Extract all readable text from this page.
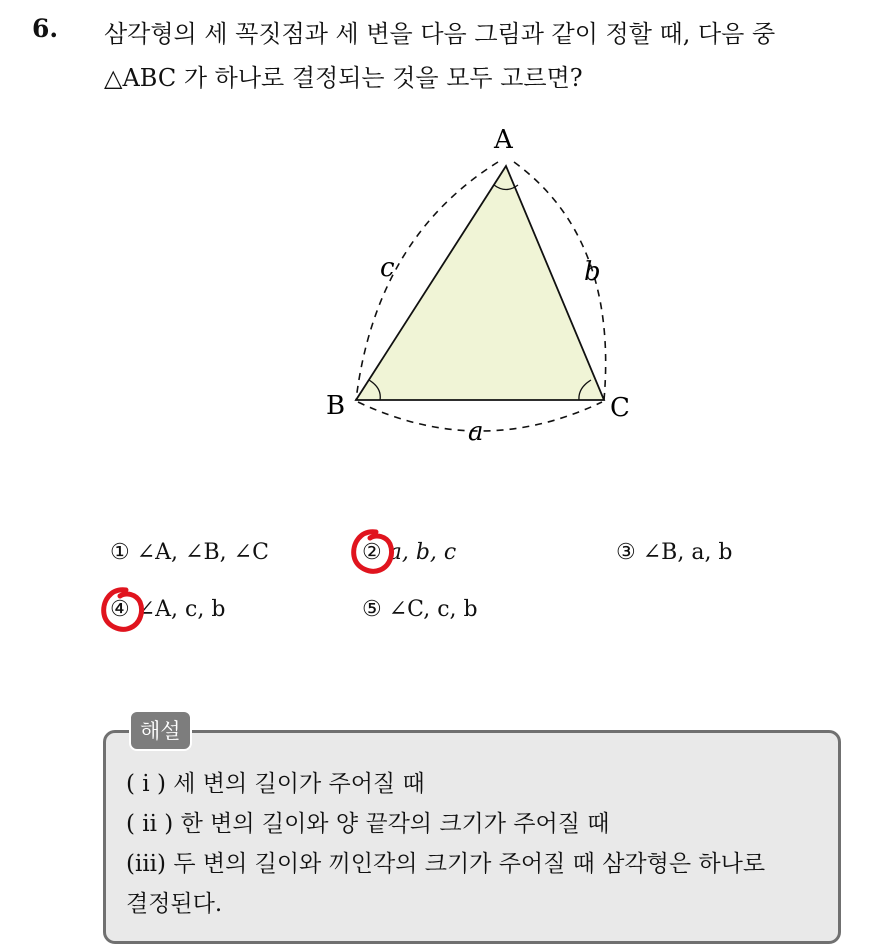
6. 삼각형의 세 꼭짓점과 세 변을 다음 그림과 같이 정할 때, 다음 중
△ABC 가 하나로 결정되는 것을 모두 고르면?
A
B	C
c	b
a
① ∠A, ∠B, ∠C	② a, b, c	③ ∠B, a, b
④ ∠A, c, b	⑤ ∠C, c, b
해설
( i ) 세 변의 길이가 주어질 때
( ii ) 한 변의 길이와 양 끝각의 크기가 주어질 때
(iii) 두 변의 길이와 끼인각의 크기가 주어질 때 삼각형은 하나로
결정된다.
